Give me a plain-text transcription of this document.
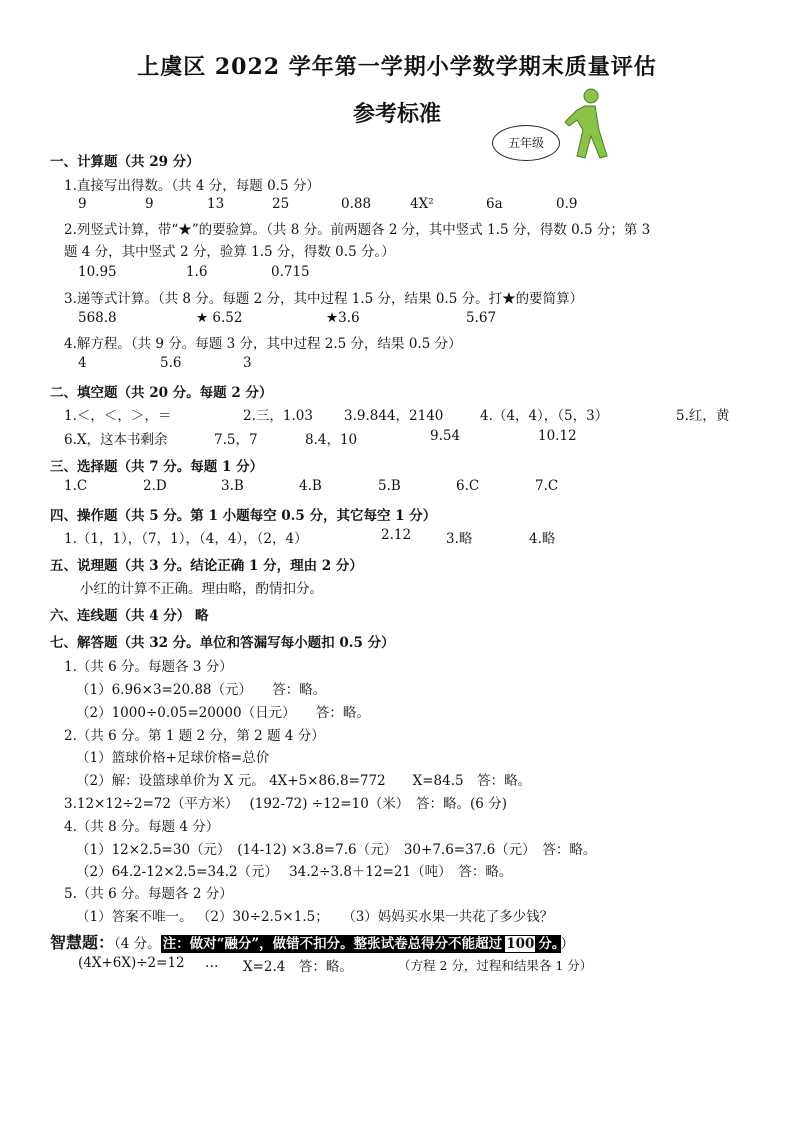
上虞区 2022 学年第一学期小学数学期末质量评估
参考标准
五年级
一、计算题（共 29 分）
1.直接写出得数。（共 4 分，每题 0.5 分）
9	9	13	25	0.88	4X²	6a	0.9
2.列竖式计算，带“★”的要验算。（共 8 分。前两题各 2 分，其中竖式 1.5 分，得数 0.5 分；第 3
题 4 分，其中竖式 2 分，验算 1.5 分，得数 0.5 分。）
10.95	1.6	0.715
3.递等式计算。（共 8 分。每题 2 分，其中过程 1.5 分，结果 0.5 分。打★的要简算）
568.8	★ 6.52	★3.6	5.67
4.解方程。（共 9 分。每题 3 分，其中过程 2.5 分，结果 0.5 分）
4	5.6	3
二、填空题（共 20 分。每题 2 分）
1.＜，＜，＞，＝	2.三，1.03 3.9.844，2140	4.（4，4），（5，3）	5.红，黄
6.X，这本书剩余	7.5，7	8.4，10	9.54	10.12
三、选择题（共 7 分。每题 1 分）
1.C	2.D	3.B	4.B	5.B	6.C	7.C
四、操作题（共 5 分。第 1 小题每空 0.5 分，其它每空 1 分）
1.（1，1），（7，1），（4，4），（2，4）	2.12	3.略	4.略
五、说理题（共 3 分。结论正确 1 分，理由 2 分）
小红的计算不正确。理由略，酌情扣分。
六、连线题（共 4 分） 略
七、解答题（共 32 分。单位和答漏写每小题扣 0.5 分）
1.（共 6 分。每题各 3 分）
（1）6.96×3=20.88（元）　　答：略。
（2）1000÷0.05=20000（日元）　　答：略。
2.（共 6 分。第 1 题 2 分，第 2 题 4 分）
（1）篮球价格+足球价格=总价
（2）解：设篮球单价为 X 元。 4X+5×86.8=772　　X=84.5　答：略。
3.12×12÷2=72（平方米）　 (192-72) ÷12=10（米）　答：略。(6 分)
4.（共 8 分。每题 4 分）
（1）12×2.5=30（元）　(14-12) ×3.8=7.6（元）　30+7.6=37.6（元）　答：略。
（2）64.2-12×2.5=34.2（元）　 34.2÷3.8＋12=21（吨）　答：略。
5.（共 6 分。每题各 2 分）
（1）答案不唯一。 （2）30÷2.5×1.5；　　（3）妈妈买水果一共花了多少钱？
智慧题：（4 分。 注：做对“融分”，做错不扣分。整张试卷总得分不能超过 100 分。 ）
(4X+6X)÷2=12 … X=2.4　答：略。	（方程 2 分，过程和结果各 1 分）
